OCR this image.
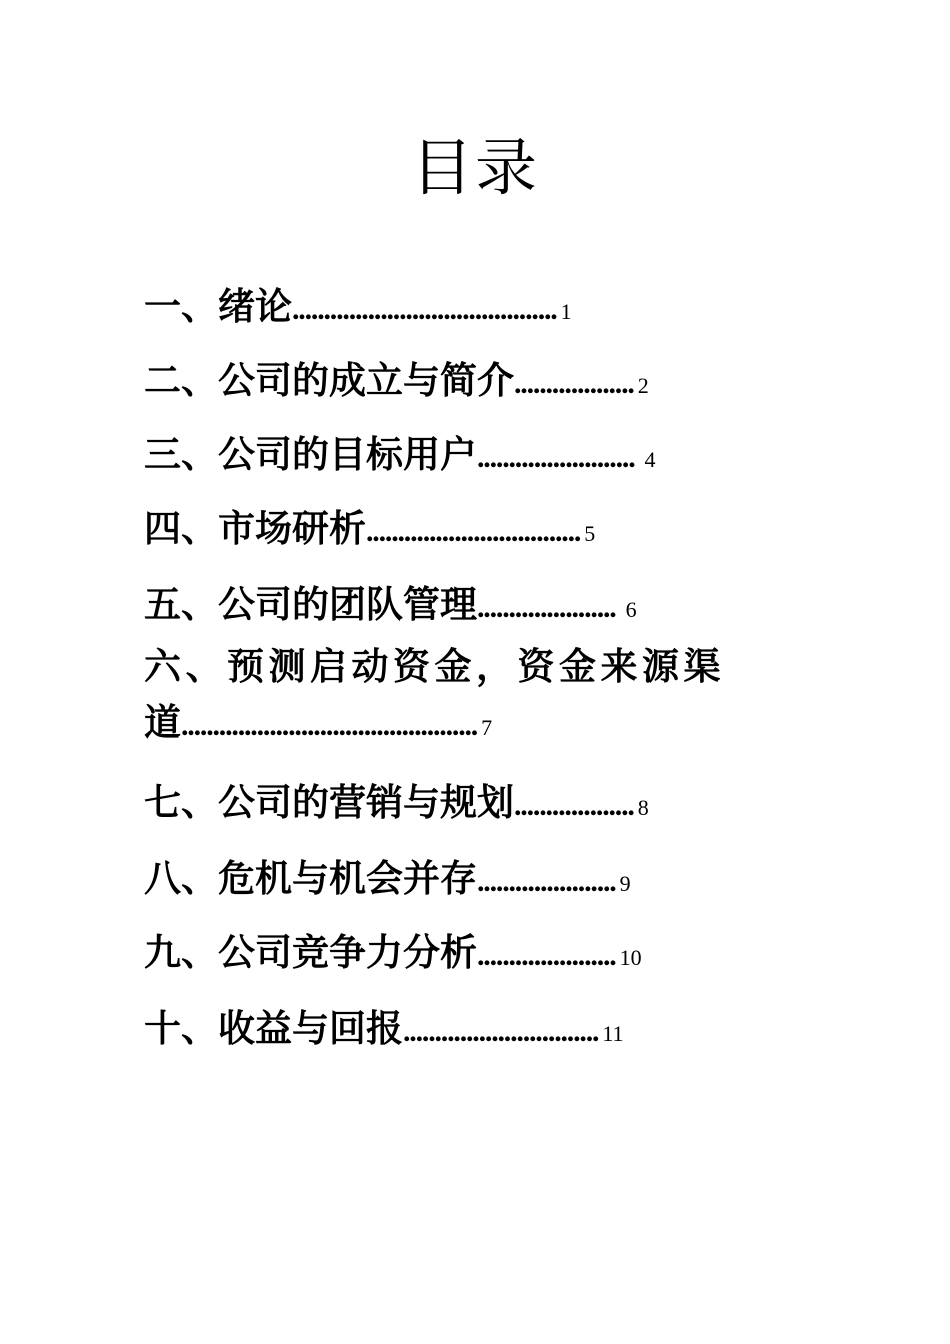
目录
一、绪论.......................................... 1
二、公司的成立与简介................... 2
三、公司的目标用户......................... 4
四、市场研析.................................. 5
五、公司的团队管理...................... 6
六、预测启动资金，资金来源渠
道............................................... 7
七、公司的营销与规划................... 8
八、危机与机会并存...................... 9
九、公司竞争力分析...................... 10
十、收益与回报............................... 11
